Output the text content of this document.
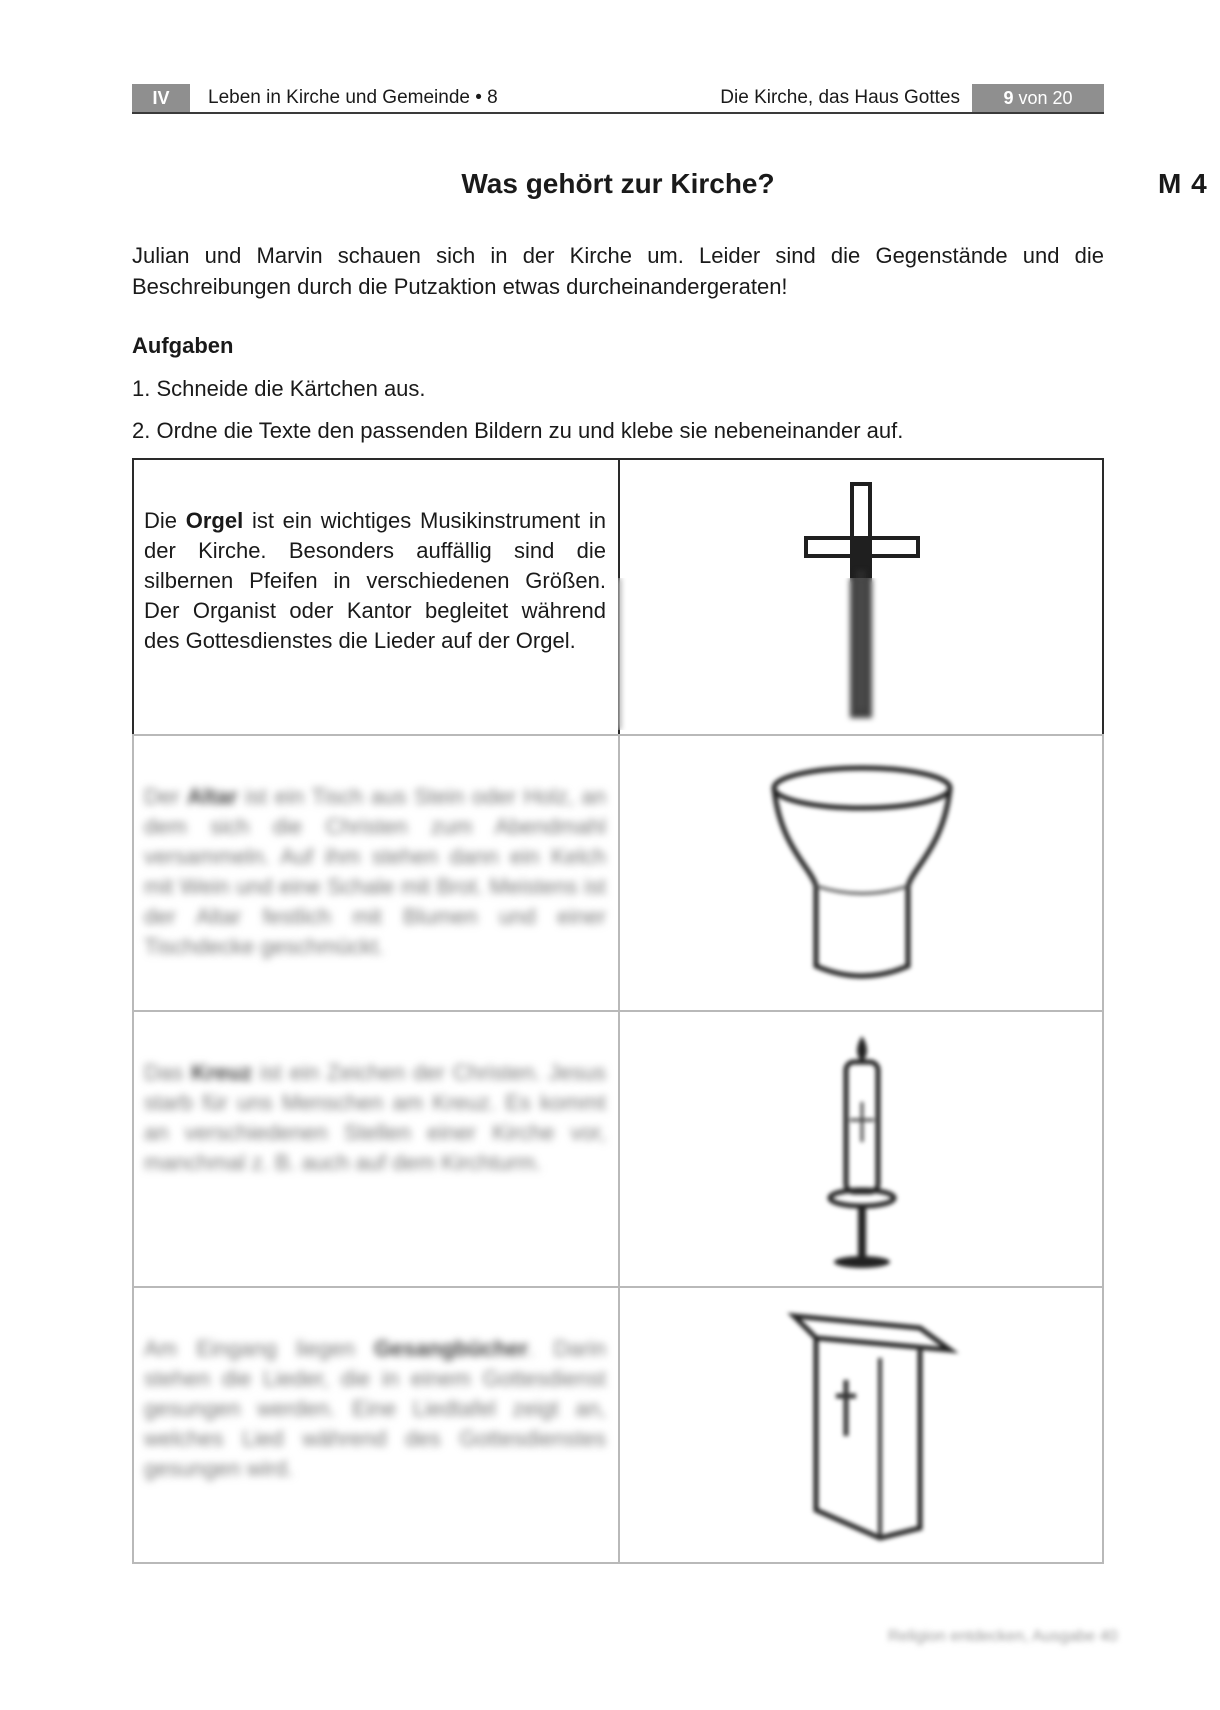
IV	Leben in Kirche und Gemeinde • 8	Die Kirche, das Haus Gottes	9 von 20
Was gehört zur Kirche?	M 4
Julian und Marvin schauen sich in der Kirche um. Leider sind die Gegenstände und die Beschreibungen durch die Putzaktion etwas durcheinandergeraten!
Aufgaben
1. Schneide die Kärtchen aus.
2. Ordne die Texte den passenden Bildern zu und klebe sie nebeneinander auf.
Die Orgel ist ein wichtiges Musikinstrument in der Kirche. Besonders auffällig sind die silbernen Pfeifen in verschiedenen Größen. Der Organist oder Kantor begleitet während des Gottesdienstes die Lieder auf der Orgel.
Der Altar ist ein Tisch aus Stein oder Holz, an dem sich die Christen zum Abendmahl versammeln. Auf ihm stehen dann ein Kelch mit Wein und eine Schale mit Brot. Meistens ist der Altar festlich mit Blumen und einer Tischdecke geschmückt.
Das Kreuz ist ein Zeichen der Christen. Jesus starb für uns Menschen am Kreuz. Es kommt an verschiedenen Stellen einer Kirche vor, manchmal z. B. auch auf dem Kirchturm.
Am Eingang liegen Gesangbücher. Darin stehen die Lieder, die in einem Gottesdienst gesungen werden. Eine Liedtafel zeigt an, welches Lied während des Gottesdienstes gesungen wird.
Religion entdecken, Ausgabe 40
